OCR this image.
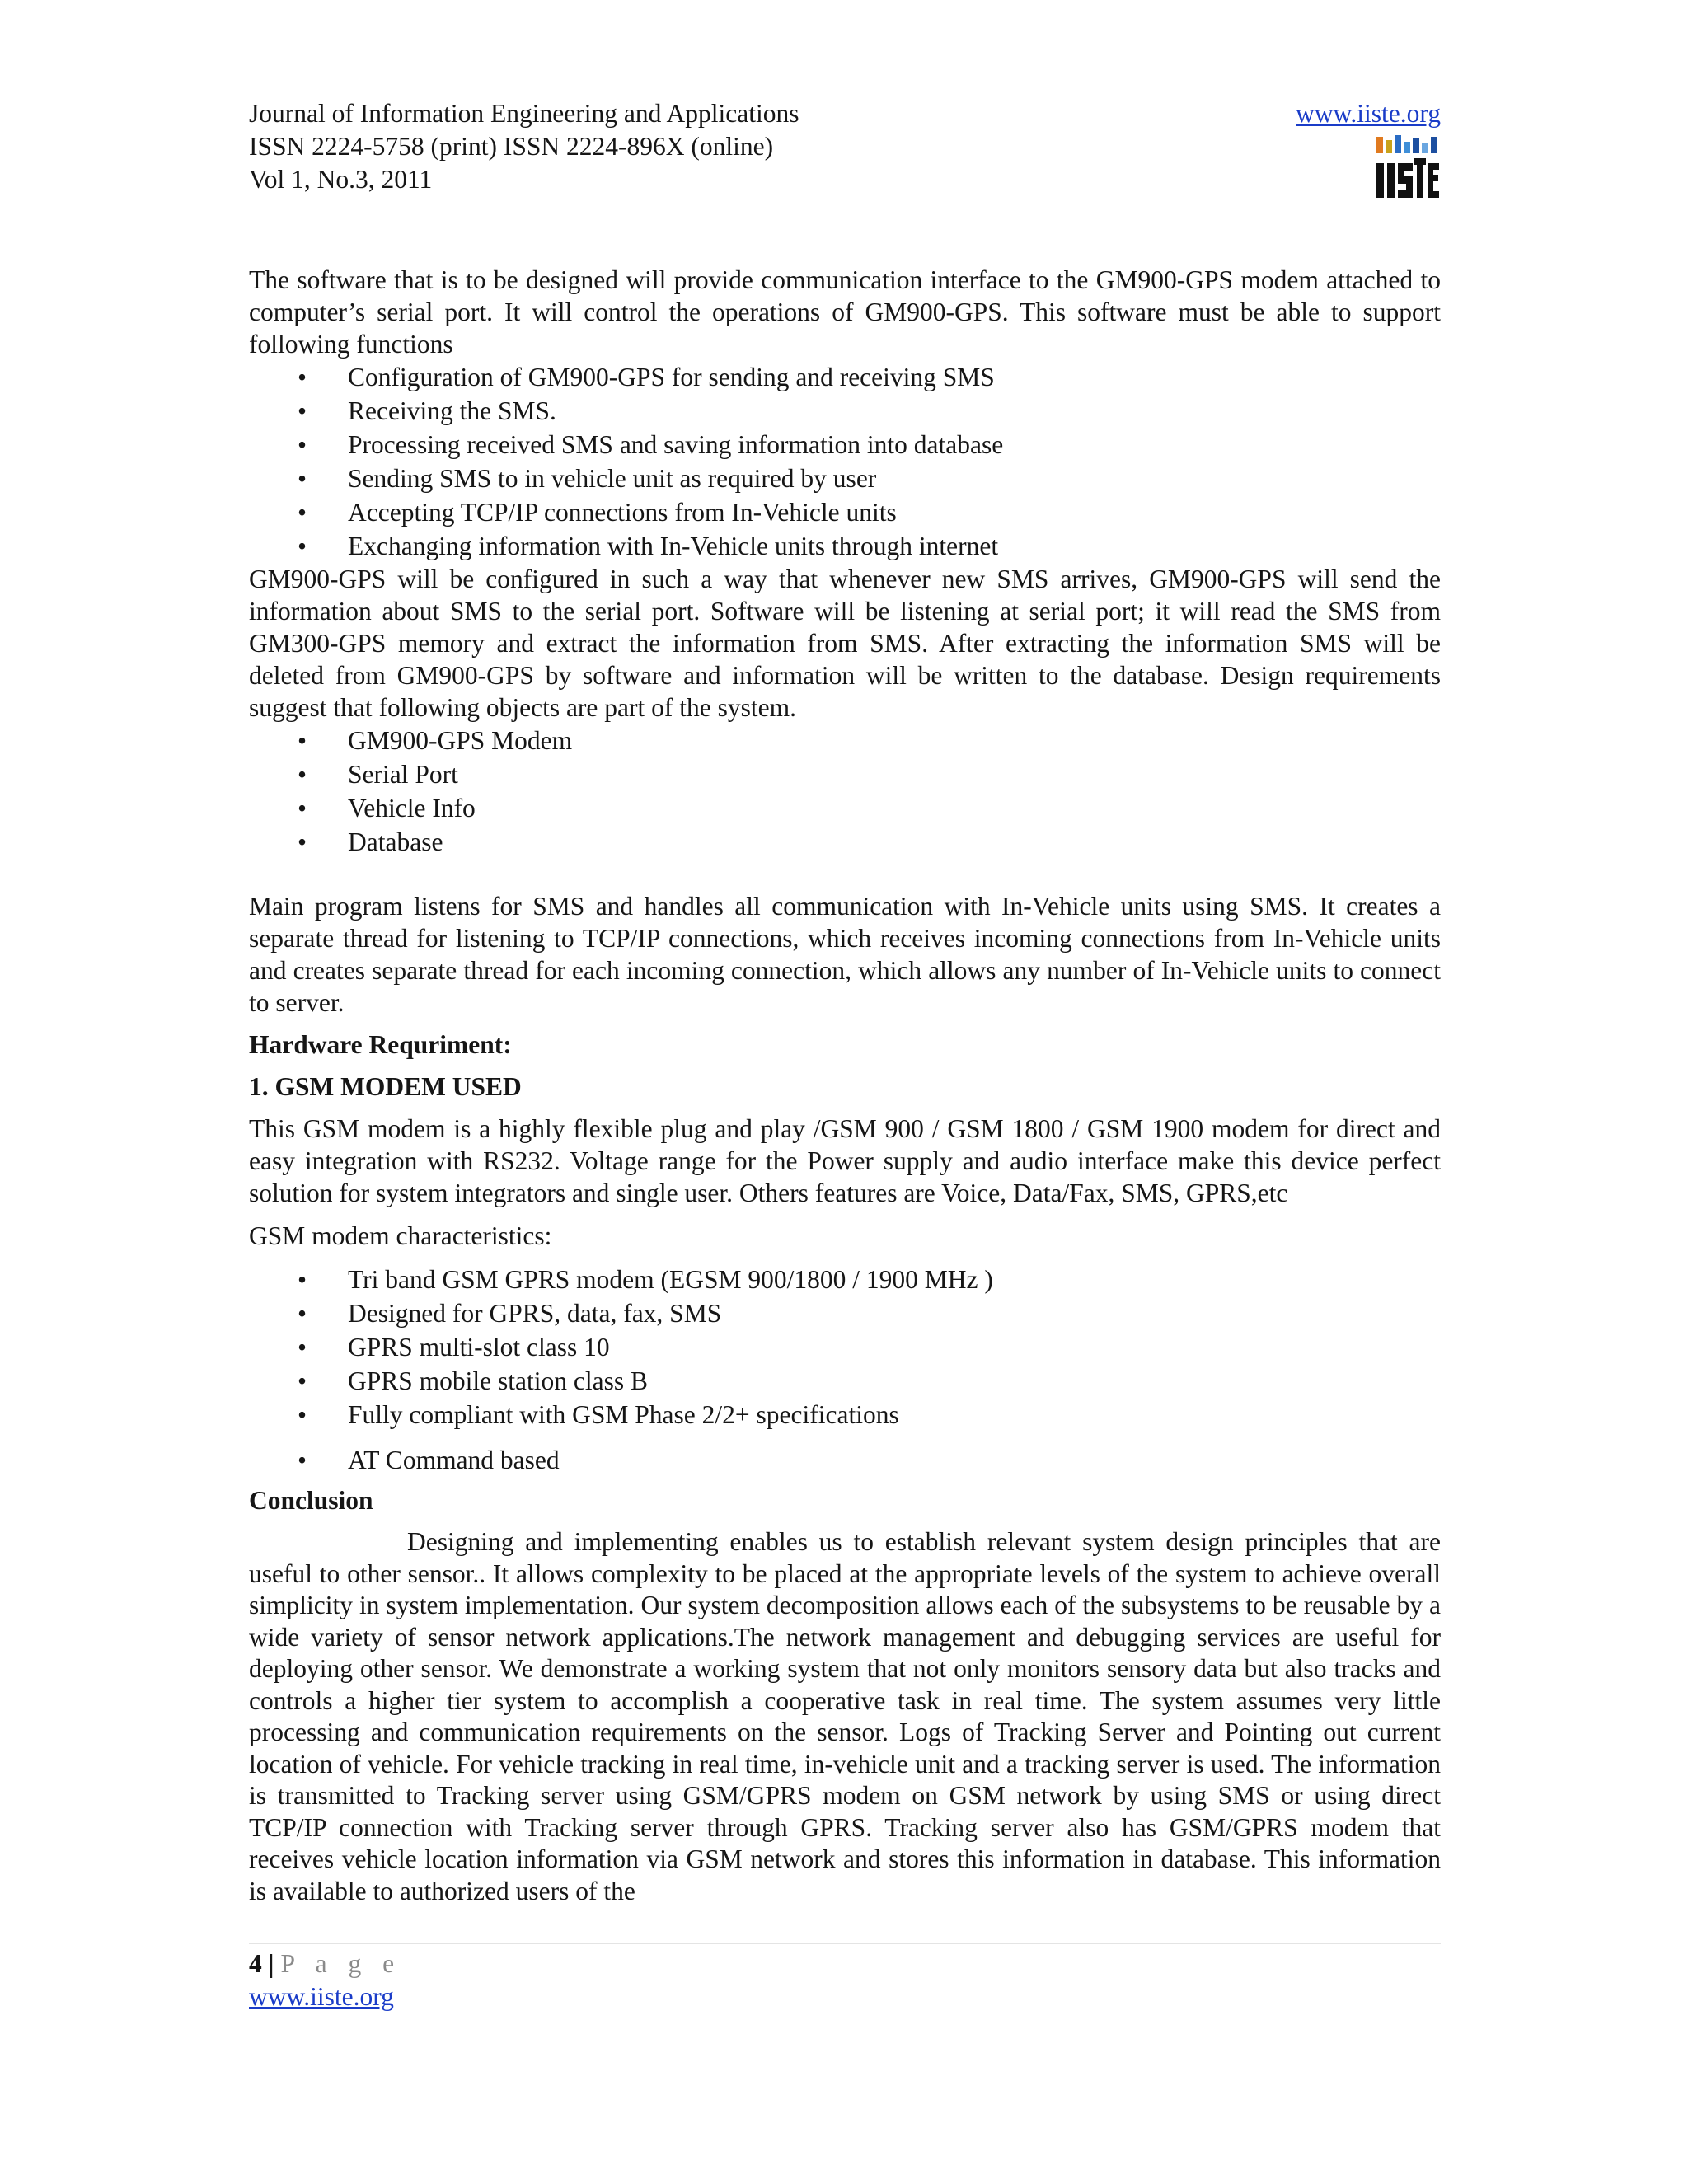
Journal of Information Engineering and Applications
ISSN 2224-5758 (print) ISSN 2224-896X (online)
Vol 1, No.3, 2011
www.iiste.org

The software that is to be designed will provide communication interface to the GM900-GPS modem attached to computer’s serial port. It will control the operations of GM900-GPS. This software must be able to support following functions

• Configuration of GM900-GPS for sending and receiving SMS
• Receiving the SMS.
• Processing received SMS and saving information into database
• Sending SMS to in vehicle unit as required by user
• Accepting TCP/IP connections from In-Vehicle units
• Exchanging information with In-Vehicle units through internet

GM900-GPS will be configured in such a way that whenever new SMS arrives, GM900-GPS will send the information about SMS to the serial port. Software will be listening at serial port; it will read the SMS from GM300-GPS memory and extract the information from SMS. After extracting the information SMS will be deleted from GM900-GPS by software and information will be written to the database. Design requirements suggest that following objects are part of the system.

• GM900-GPS Modem
• Serial Port
• Vehicle Info
• Database

Main program listens for SMS and handles all communication with In-Vehicle units using SMS. It creates a separate thread for listening to TCP/IP connections, which receives incoming connections from In-Vehicle units and creates separate thread for each incoming connection, which allows any number of In-Vehicle units to connect to server.

Hardware Requriment:

1. GSM MODEM USED

This GSM modem is a highly flexible plug and play /GSM 900 / GSM 1800 / GSM 1900 modem for direct and easy integration with RS232. Voltage range for the Power supply and audio interface make this device perfect solution for system integrators and single user. Others features are Voice, Data/Fax, SMS, GPRS,etc

GSM modem characteristics:

• Tri band GSM GPRS modem (EGSM 900/1800 / 1900 MHz )
• Designed for GPRS, data, fax, SMS
• GPRS multi-slot class 10
• GPRS mobile station class B
• Fully compliant with GSM Phase 2/2+ specifications
• AT Command based

Conclusion

Designing and implementing enables us to establish relevant system design principles that are useful to other sensor.. It allows complexity to be placed at the appropriate levels of the system to achieve overall simplicity in system implementation. Our system decomposition allows each of the subsystems to be reusable by a wide variety of sensor network applications.The network management and debugging services are useful for deploying other sensor. We demonstrate a working system that not only monitors sensory data but also tracks and controls a higher tier system to accomplish a cooperative task in real time. The system assumes very little processing and communication requirements on the sensor. Logs of Tracking Server and Pointing out current location of vehicle. For vehicle tracking in real time, in-vehicle unit and a tracking server is used. The information is transmitted to Tracking server using GSM/GPRS modem on GSM network by using SMS or using direct TCP/IP connection with Tracking server through GPRS. Tracking server also has GSM/GPRS modem that receives vehicle location information via GSM network and stores this information in database. This information is available to authorized users of the

4 | P a g e
www.iiste.org
